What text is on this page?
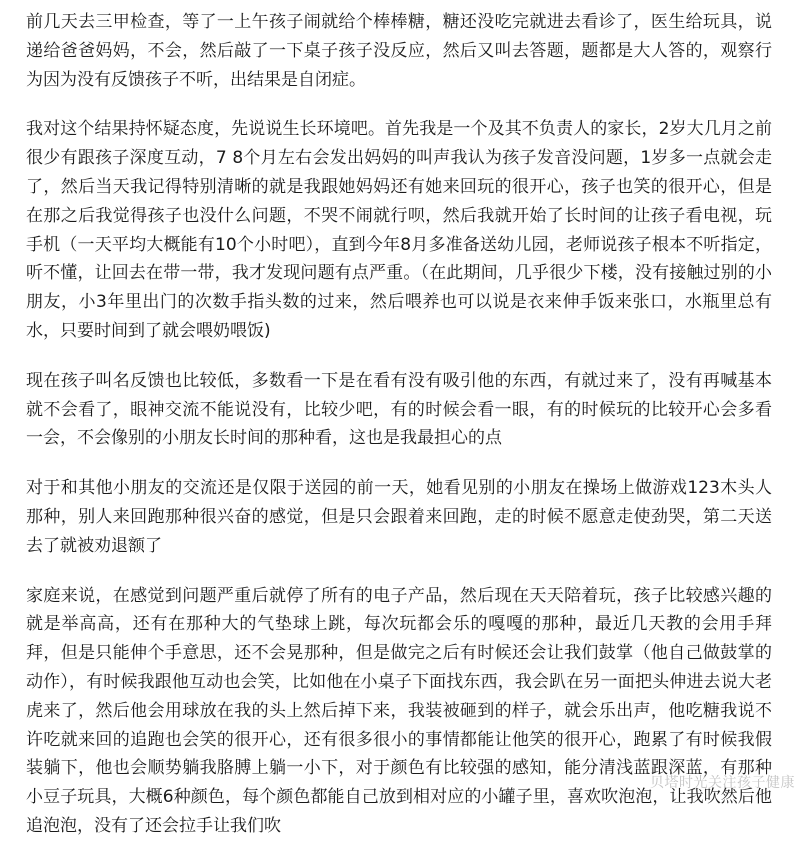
前几天去三甲检查，等了一上午孩子闹就给个棒棒糖，糖还没吃完就进去看诊了，医生给玩具，说递给爸爸妈妈，不会，然后敲了一下桌子孩子没反应，然后又叫去答题，题都是大人答的，观察行为因为没有反馈孩子不听，出结果是自闭症。

我对这个结果持怀疑态度，先说说生长环境吧。首先我是一个及其不负责人的家长，2岁大几月之前很少有跟孩子深度互动，7 8个月左右会发出妈妈的叫声我认为孩子发音没问题，1岁多一点就会走了，然后当天我记得特别清晰的就是我跟她妈妈还有她来回玩的很开心，孩子也笑的很开心，但是在那之后我觉得孩子也没什么问题，不哭不闹就行呗，然后我就开始了长时间的让孩子看电视，玩手机（一天平均大概能有10个小时吧），直到今年8月多准备送幼儿园，老师说孩子根本不听指定，听不懂，让回去在带一带，我才发现问题有点严重。（在此期间，几乎很少下楼，没有接触过别的小朋友，小3年里出门的次数手指头数的过来，然后喂养也可以说是衣来伸手饭来张口，水瓶里总有水，只要时间到了就会喂奶喂饭)

现在孩子叫名反馈也比较低，多数看一下是在看有没有吸引他的东西，有就过来了，没有再喊基本就不会看了，眼神交流不能说没有，比较少吧，有的时候会看一眼，有的时候玩的比较开心会多看一会，不会像别的小朋友长时间的那种看，这也是我最担心的点

对于和其他小朋友的交流还是仅限于送园的前一天，她看见别的小朋友在操场上做游戏123木头人那种，别人来回跑那种很兴奋的感觉，但是只会跟着来回跑，走的时候不愿意走使劲哭，第二天送去了就被劝退额了

家庭来说，在感觉到问题严重后就停了所有的电子产品，然后现在天天陪着玩，孩子比较感兴趣的就是举高高，还有在那种大的气垫球上跳，每次玩都会乐的嘎嘎的那种，最近几天教的会用手拜拜，但是只能伸个手意思，还不会晃那种，但是做完之后有时候还会让我们鼓掌（他自己做鼓掌的动作），有时候我跟他互动也会笑，比如他在小桌子下面找东西，我会趴在另一面把头伸进去说大老虎来了，然后他会用球放在我的头上然后掉下来，我装被砸到的样子，就会乐出声，他吃糖我说不许吃就来回的追跑也会笑的很开心，还有很多很小的事情都能让他笑的很开心，跑累了有时候我假装躺下，他也会顺势躺我胳膊上躺一小下，对于颜色有比较强的感知，能分清浅蓝跟深蓝，有那种小豆子玩具，大概6种颜色，每个颜色都能自己放到相对应的小罐子里，喜欢吹泡泡，让我吹然后他追泡泡，没有了还会拉手让我们吹

贝塔时光关注孩子健康
